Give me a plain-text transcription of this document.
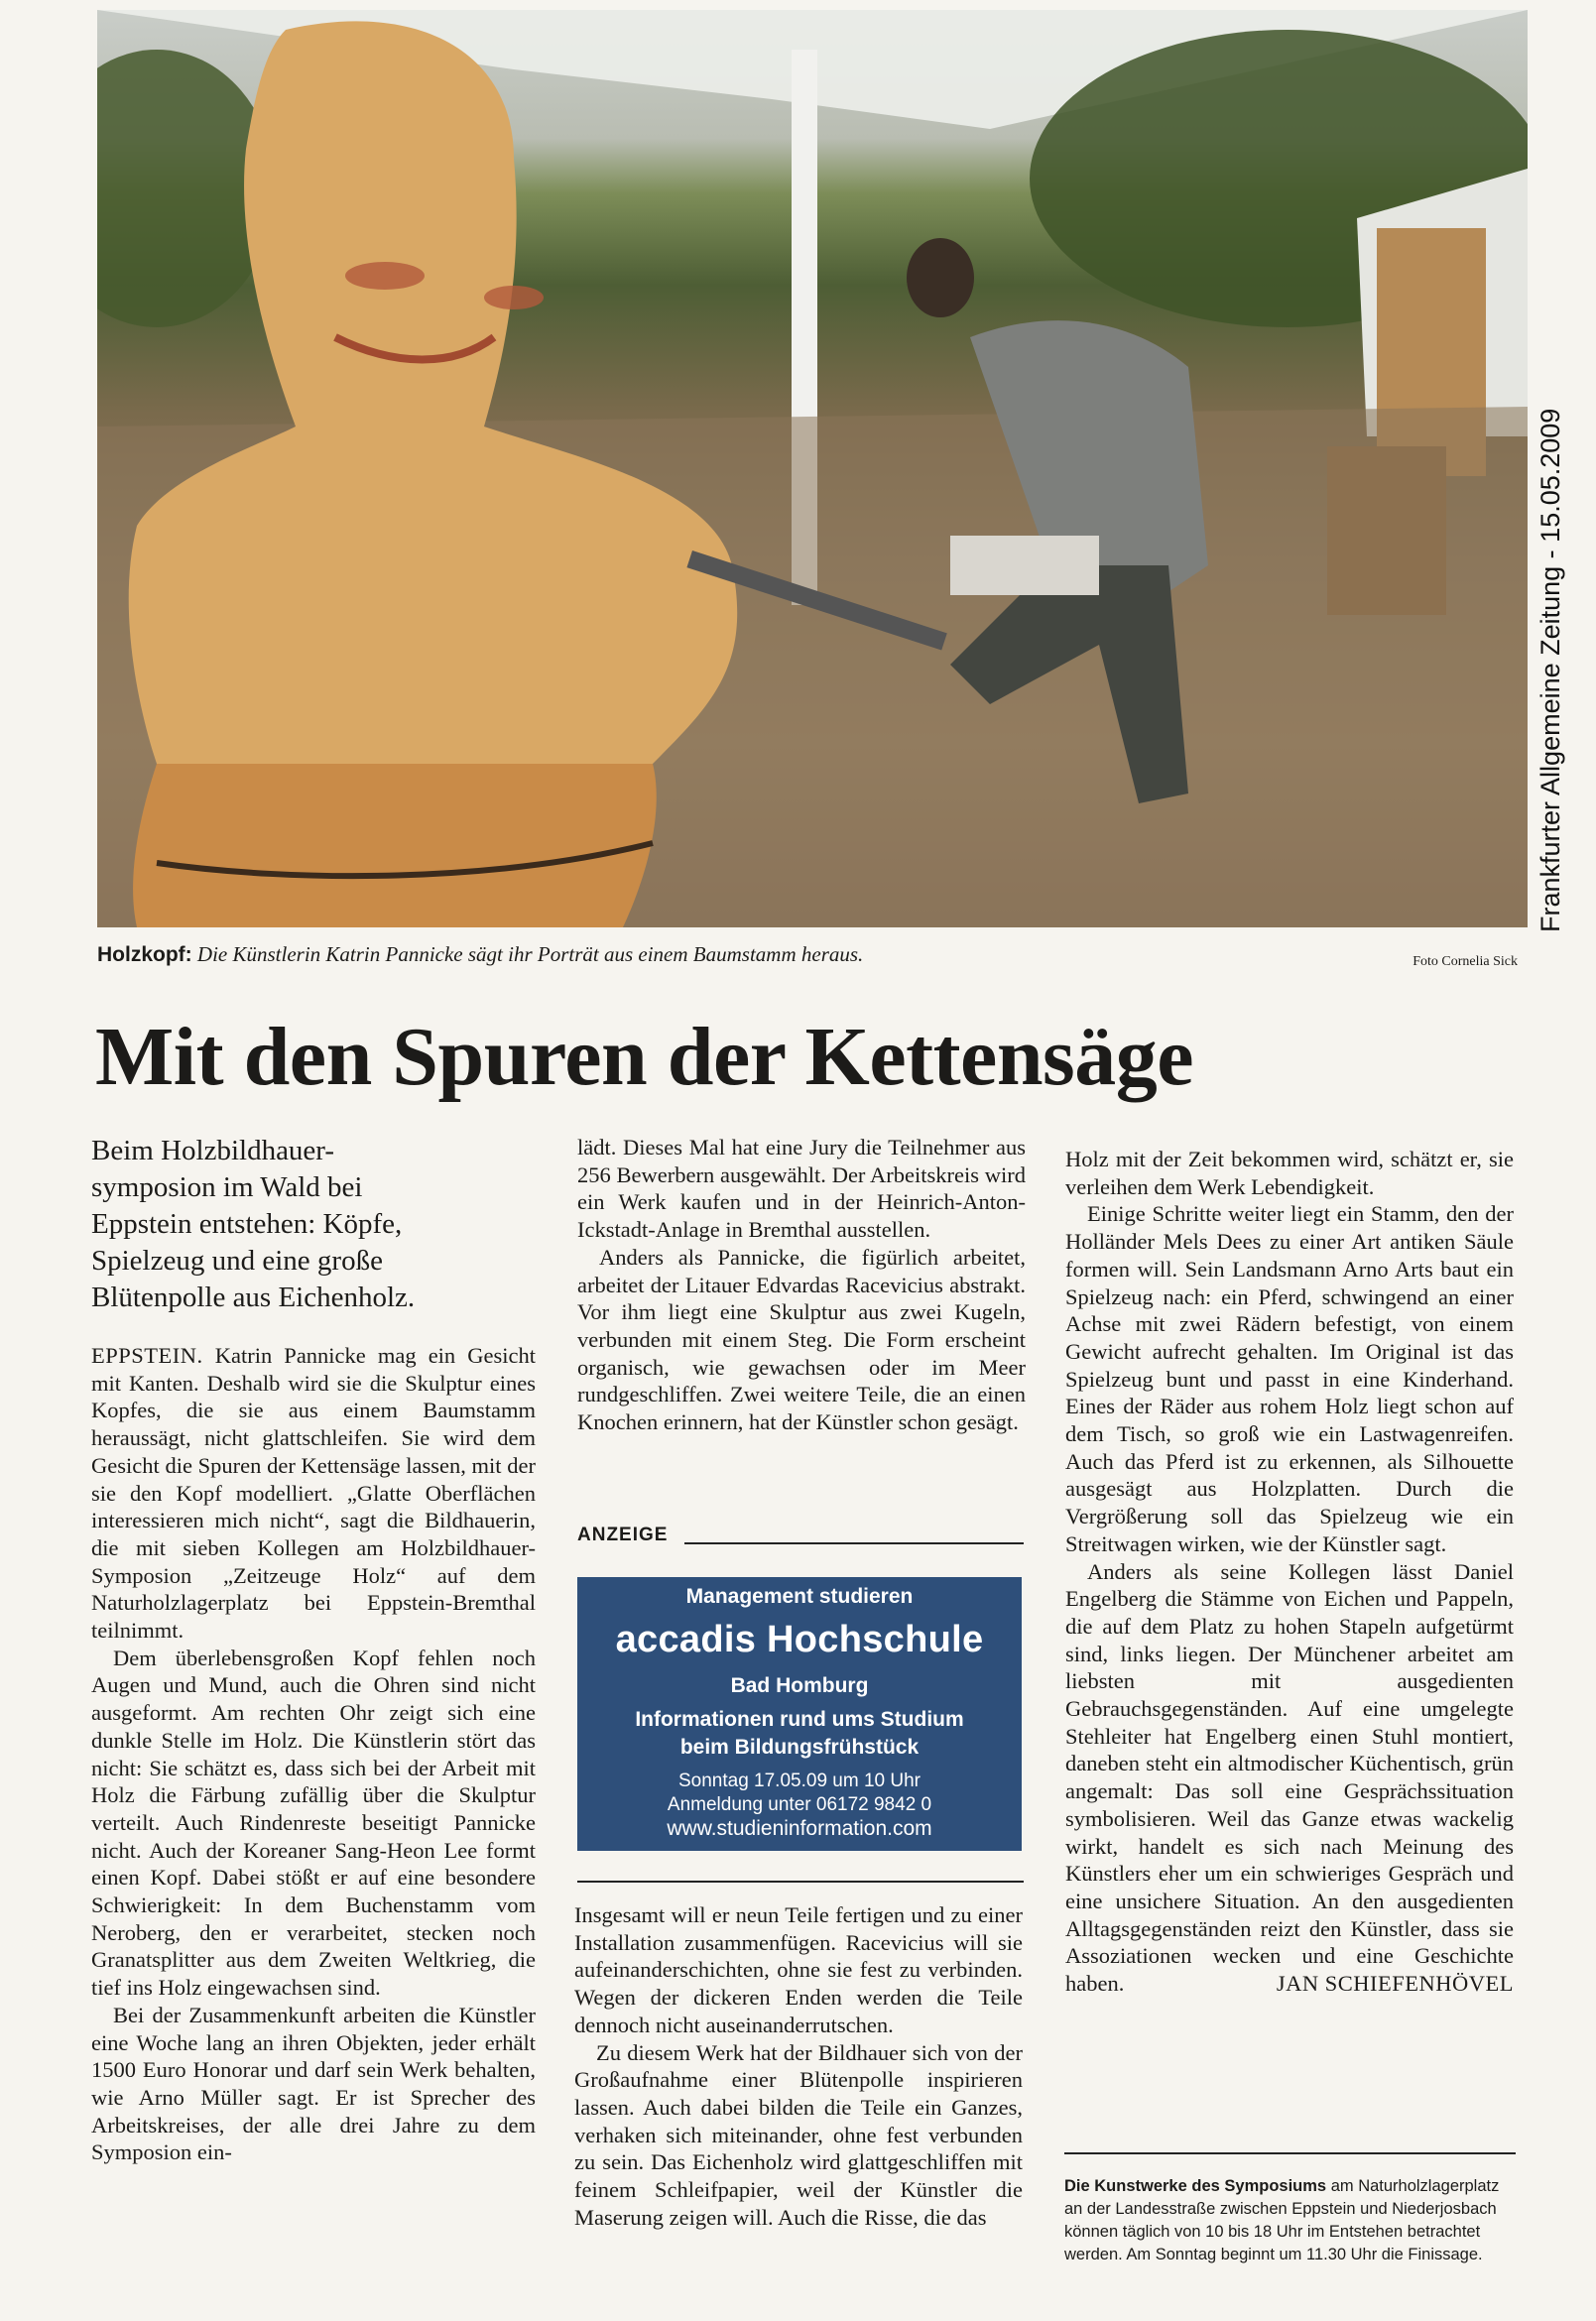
Frankfurter Allgemeine Zeitung - 15.05.2009
Holzkopf: Die Künstlerin Katrin Pannicke sägt ihr Porträt aus einem Baumstamm heraus.	Foto Cornelia Sick
Mit den Spuren der Kettensäge

Beim Holzbildhauer-

symposion im Wald bei

Eppstein entstehen: Köpfe,

Spielzeug und eine große

Blütenpolle aus Eichenholz.

EPPSTEIN. Katrin Pannicke mag ein Gesicht mit Kanten. Deshalb wird sie die Skulptur eines Kopfes, die sie aus einem Baumstamm heraussägt, nicht glattschleifen. Sie wird dem Gesicht die Spuren der Kettensäge lassen, mit der sie den Kopf modelliert. „Glatte Oberflächen interessieren mich nicht“, sagt die Bildhauerin, die mit sieben Kollegen am Holzbildhauer-Symposion „Zeitzeuge Holz“ auf dem Naturholzlagerplatz bei Eppstein-Bremthal teilnimmt.

Dem überlebensgroßen Kopf fehlen noch Augen und Mund, auch die Ohren sind nicht ausgeformt. Am rechten Ohr zeigt sich eine dunkle Stelle im Holz. Die Künstlerin stört das nicht: Sie schätzt es, dass sich bei der Arbeit mit Holz die Färbung zufällig über die Skulptur verteilt. Auch Rindenreste beseitigt Pannicke nicht. Auch der Koreaner Sang-Heon Lee formt einen Kopf. Dabei stößt er auf eine besondere Schwierigkeit: In dem Buchenstamm vom Neroberg, den er verarbeitet, stecken noch Granatsplitter aus dem Zweiten Weltkrieg, die tief ins Holz eingewachsen sind.

Bei der Zusammenkunft arbeiten die Künstler eine Woche lang an ihren Objekten, jeder erhält 1500 Euro Honorar und darf sein Werk behalten, wie Arno Müller sagt. Er ist Sprecher des Arbeitskreises, der alle drei Jahre zu dem Symposion ein-

lädt. Dieses Mal hat eine Jury die Teilnehmer aus 256 Bewerbern ausgewählt. Der Arbeitskreis wird ein Werk kaufen und in der Heinrich-Anton-Ickstadt-Anlage in Bremthal ausstellen.

Anders als Pannicke, die figürlich arbeitet, arbeitet der Litauer Edvardas Racevicius abstrakt. Vor ihm liegt eine Skulptur aus zwei Kugeln, verbunden mit einem Steg. Die Form erscheint organisch, wie gewachsen oder im Meer rundgeschliffen. Zwei weitere Teile, die an einen Knochen erinnern, hat der Künstler schon gesägt.

ANZEIGE
Management studieren
accadis Hochschule
Bad Homburg
Informationen rund ums Studium
beim Bildungsfrühstück
Sonntag 17.05.09 um 10 Uhr
Anmeldung unter 06172 9842 0
www.studieninformation.com

Insgesamt will er neun Teile fertigen und zu einer Installation zusammenfügen. Racevicius will sie aufeinanderschichten, ohne sie fest zu verbinden. Wegen der dickeren Enden werden die Teile dennoch nicht auseinanderrutschen.

Zu diesem Werk hat der Bildhauer sich von der Großaufnahme einer Blütenpolle inspirieren lassen. Auch dabei bilden die Teile ein Ganzes, verhaken sich miteinander, ohne fest verbunden zu sein. Das Eichenholz wird glattgeschliffen mit feinem Schleifpapier, weil der Künstler die Maserung zeigen will. Auch die Risse, die das

Holz mit der Zeit bekommen wird, schätzt er, sie verleihen dem Werk Lebendigkeit.

Einige Schritte weiter liegt ein Stamm, den der Holländer Mels Dees zu einer Art antiken Säule formen will. Sein Landsmann Arno Arts baut ein Spielzeug nach: ein Pferd, schwingend an einer Achse mit zwei Rädern befestigt, von einem Gewicht aufrecht gehalten. Im Original ist das Spielzeug bunt und passt in eine Kinderhand. Eines der Räder aus rohem Holz liegt schon auf dem Tisch, so groß wie ein Lastwagenreifen. Auch das Pferd ist zu erkennen, als Silhouette ausgesägt aus Holzplatten. Durch die Vergrößerung soll das Spielzeug wie ein Streitwagen wirken, wie der Künstler sagt.

Anders als seine Kollegen lässt Daniel Engelberg die Stämme von Eichen und Pappeln, die auf dem Platz zu hohen Stapeln aufgetürmt sind, links liegen. Der Münchener arbeitet am liebsten mit ausgedienten Gebrauchsgegenständen. Auf eine umgelegte Stehleiter hat Engelberg einen Stuhl montiert, daneben steht ein altmodischer Küchentisch, grün angemalt: Das soll eine Gesprächssituation symbolisieren. Weil das Ganze etwas wackelig wirkt, handelt es sich nach Meinung des Künstlers eher um ein schwieriges Gespräch und eine unsichere Situation. An den ausgedienten Alltagsgegenständen reizt den Künstler, dass sie Assoziationen wecken und eine Geschichte haben.	JAN SCHIEFENHÖVEL

Die Kunstwerke des Symposiums am Naturholzlagerplatz an der Landesstraße zwischen Eppstein und Niederjosbach können täglich von 10 bis 18 Uhr im Entstehen betrachtet werden. Am Sonntag beginnt um 11.30 Uhr die Finissage.
